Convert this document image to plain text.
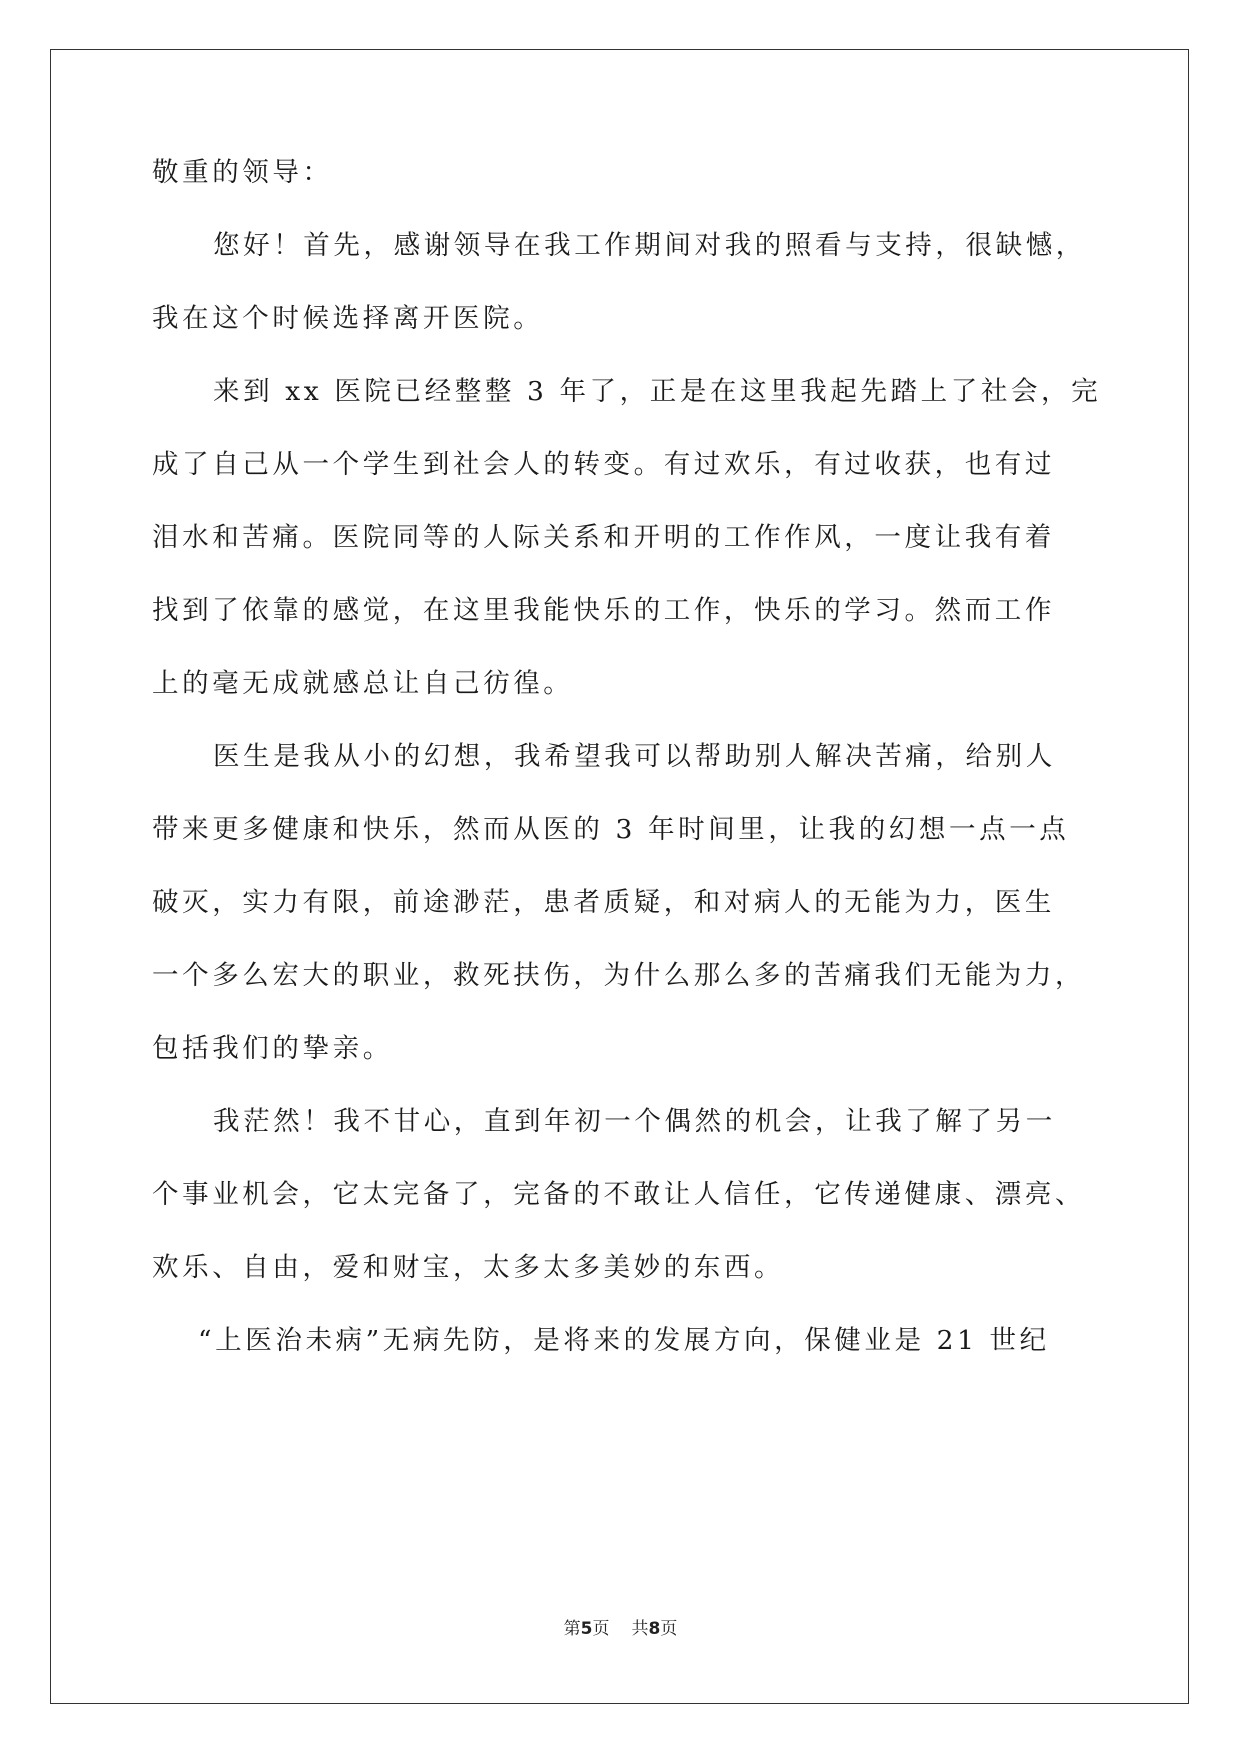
敬重的领导：
您好！首先，感谢领导在我工作期间对我的照看与支持，很缺憾，
我在这个时候选择离开医院。
来到 xx 医院已经整整 3 年了，正是在这里我起先踏上了社会，完
成了自己从一个学生到社会人的转变。有过欢乐，有过收获，也有过
泪水和苦痛。医院同等的人际关系和开明的工作作风，一度让我有着
找到了依靠的感觉，在这里我能快乐的工作，快乐的学习。然而工作
上的毫无成就感总让自己彷徨。
医生是我从小的幻想，我希望我可以帮助别人解决苦痛，给别人
带来更多健康和快乐，然而从医的 3 年时间里，让我的幻想一点一点
破灭，实力有限，前途渺茫，患者质疑，和对病人的无能为力，医生
一个多么宏大的职业，救死扶伤，为什么那么多的苦痛我们无能为力，
包括我们的挚亲。
我茫然！我不甘心，直到年初一个偶然的机会，让我了解了另一
个事业机会，它太完备了，完备的不敢让人信任，它传递健康、漂亮、
欢乐、自由，爱和财宝，太多太多美妙的东西。
“上医治未病”无病先防，是将来的发展方向，保健业是 21 世纪
第5页 共8页
